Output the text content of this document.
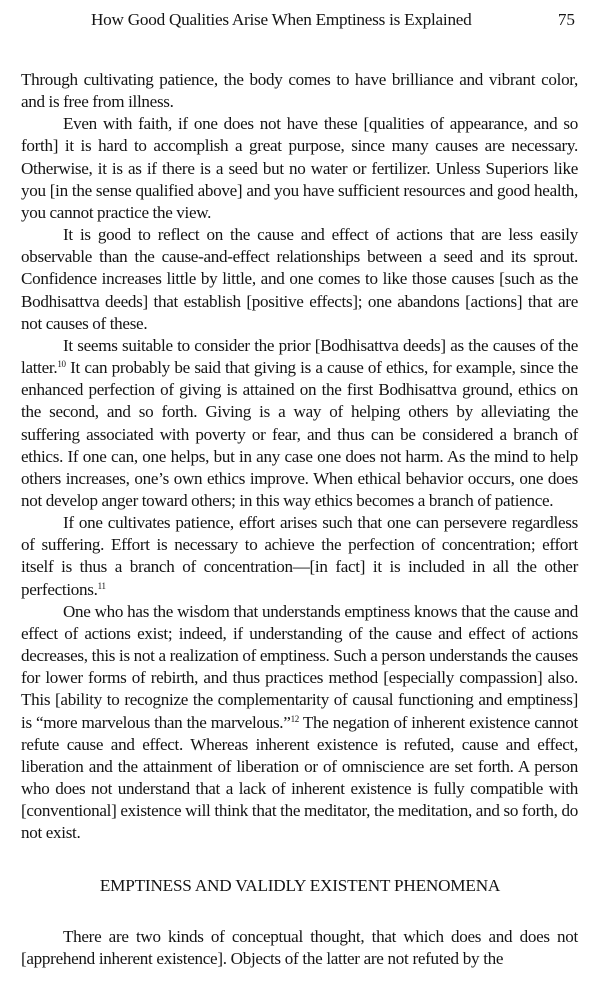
How Good Qualities Arise When Emptiness is Explained	75

Through cultivating patience, the body comes to have brilliance and vibrant color, and is free from illness.

Even with faith, if one does not have these [qualities of appearance, and so forth] it is hard to accomplish a great purpose, since many causes are necessary. Otherwise, it is as if there is a seed but no water or fertilizer. Unless Superiors like you [in the sense qualified above] and you have sufficient resources and good health, you cannot practice the view.

It is good to reflect on the cause and effect of actions that are less easily observable than the cause-and-effect relationships between a seed and its sprout. Confidence increases little by little, and one comes to like those causes [such as the Bodhisattva deeds] that establish [positive effects]; one abandons [actions] that are not causes of these.

It seems suitable to consider the prior [Bodhisattva deeds] as the causes of the latter.$^{10}$ It can probably be said that giving is a cause of ethics, for example, since the enhanced perfection of giving is attained on the first Bodhisattva ground, ethics on the second, and so forth. Giving is a way of helping others by alleviating the suffering associated with poverty or fear, and thus can be considered a branch of ethics. If one can, one helps, but in any case one does not harm. As the mind to help others increases, one’s own ethics improve. When ethical behavior occurs, one does not develop anger toward others; in this way ethics becomes a branch of patience.

If one cultivates patience, effort arises such that one can persevere regardless of suffering. Effort is necessary to achieve the perfection of concentration; effort itself is thus a branch of concentration—[in fact] it is included in all the other perfections.$^{11}$

One who has the wisdom that understands emptiness knows that the cause and effect of actions exist; indeed, if understanding of the cause and effect of actions decreases, this is not a realization of emptiness. Such a person understands the causes for lower forms of rebirth, and thus practices method [especially compassion] also. This [ability to recognize the complementarity of causal functioning and emptiness] is “more marvelous than the marvelous.”$^{12}$ The negation of inherent existence cannot refute cause and effect. Whereas inherent existence is refuted, cause and effect, liberation and the attainment of liberation or of omniscience are set forth. A person who does not understand that a lack of inherent existence is fully compatible with [conventional] existence will think that the meditator, the meditation, and so forth, do not exist.

EMPTINESS AND VALIDLY EXISTENT PHENOMENA

There are two kinds of conceptual thought, that which does and does not [apprehend inherent existence]. Objects of the latter are not refuted by the
